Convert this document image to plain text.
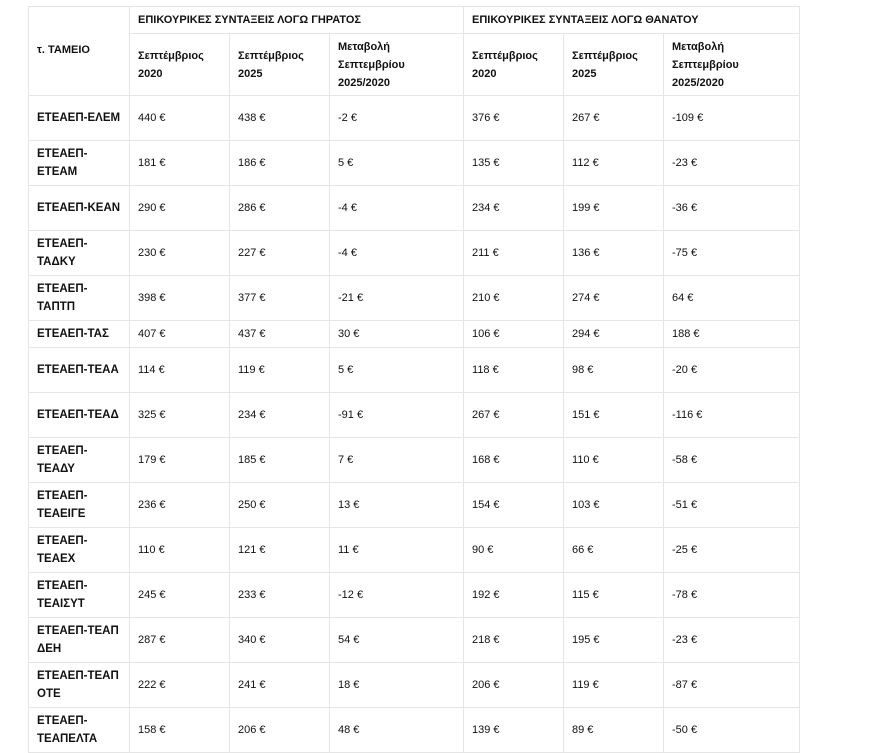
τ. ΤΑΜΕΙΟ	ΕΠΙΚΟΥΡΙΚΕΣ ΣΥΝΤΑΞΕΙΣ ΛΟΓΩ ΓΗΡΑΤΟΣ			ΕΠΙΚΟΥΡΙΚΕΣ ΣΥΝΤΑΞΕΙΣ ΛΟΓΩ ΘΑΝΑΤΟΥ		
	Σεπτέμβριος 2020	Σεπτέμβριος 2025	Μεταβολή Σεπτεμβρίου 2025/2020	Σεπτέμβριος 2020	Σεπτέμβριος 2025	Μεταβολή Σεπτεμβρίου 2025/2020
ΕΤΕΑΕΠ-ΕΛΕΜ	440 €	438 €	-2 €	376 €	267 €	-109 €
ΕΤΕΑΕΠ-ΕΤΕΑΜ	181 €	186 €	5 €	135 €	112 €	-23 €
ΕΤΕΑΕΠ-ΚΕΑΝ	290 €	286 €	-4 €	234 €	199 €	-36 €
ΕΤΕΑΕΠ-ΤΑΔΚΥ	230 €	227 €	-4 €	211 €	136 €	-75 €
ΕΤΕΑΕΠ-ΤΑΠΤΠ	398 €	377 €	-21 €	210 €	274 €	64 €
ΕΤΕΑΕΠ-ΤΑΣ	407 €	437 €	30 €	106 €	294 €	188 €
ΕΤΕΑΕΠ-ΤΕΑΑ	114 €	119 €	5 €	118 €	98 €	-20 €
ΕΤΕΑΕΠ-ΤΕΑΔ	325 €	234 €	-91 €	267 €	151 €	-116 €
ΕΤΕΑΕΠ-ΤΕΑΔΥ	179 €	185 €	7 €	168 €	110 €	-58 €
ΕΤΕΑΕΠ-ΤΕΑΕΙΓΕ	236 €	250 €	13 €	154 €	103 €	-51 €
ΕΤΕΑΕΠ-ΤΕΑΕΧ	110 €	121 €	11 €	90 €	66 €	-25 €
ΕΤΕΑΕΠ-ΤΕΑΙΣΥΤ	245 €	233 €	-12 €	192 €	115 €	-78 €
ΕΤΕΑΕΠ-ΤΕΑΠ ΔΕΗ	287 €	340 €	54 €	218 €	195 €	-23 €
ΕΤΕΑΕΠ-ΤΕΑΠ ΟΤΕ	222 €	241 €	18 €	206 €	119 €	-87 €
ΕΤΕΑΕΠ-ΤΕΑΠΕΛΤΑ	158 €	206 €	48 €	139 €	89 €	-50 €
